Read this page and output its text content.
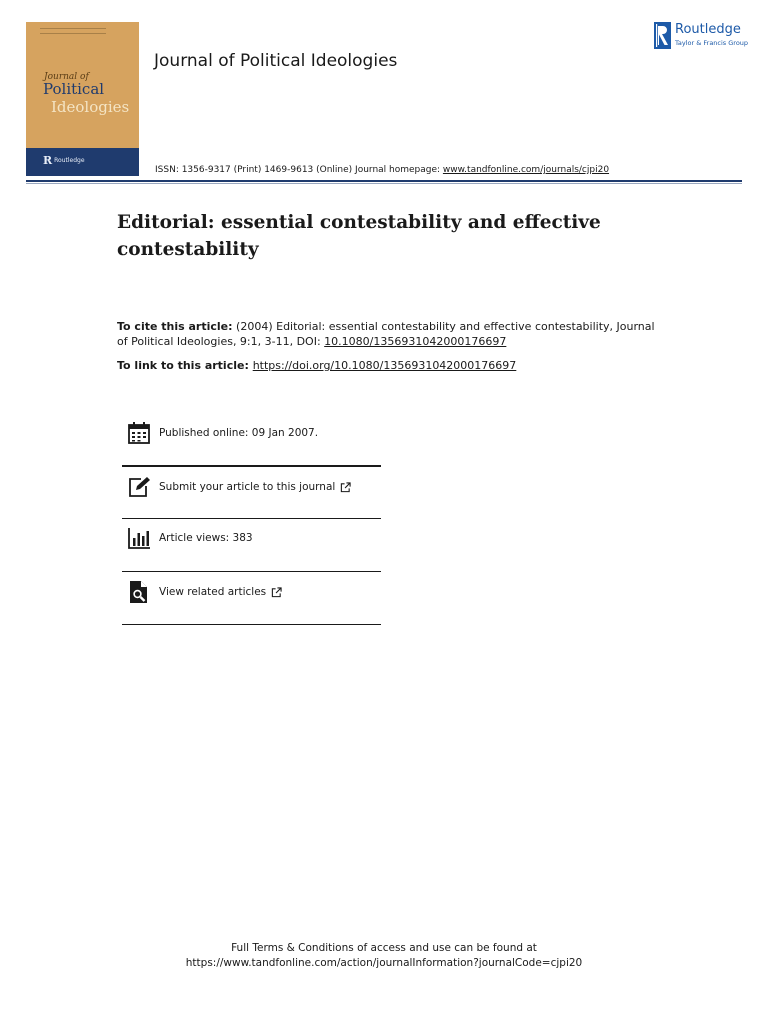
Journal of
Political
Ideologies
R Routledge
Journal of Political Ideologies
Routledge
Taylor & Francis Group
ISSN: 1356-9317 (Print) 1469-9613 (Online) Journal homepage: www.tandfonline.com/journals/cjpi20
Editorial: essential contestability and effective contestability
To cite this article: (2004) Editorial: essential contestability and effective contestability, Journal of Political Ideologies, 9:1, 3-11, DOI: 10.1080/1356931042000176697
To link to this article: https://doi.org/10.1080/1356931042000176697
Published online: 09 Jan 2007.
Submit your article to this journal
Article views: 383
View related articles
Full Terms & Conditions of access and use can be found at
https://www.tandfonline.com/action/journalInformation?journalCode=cjpi20
